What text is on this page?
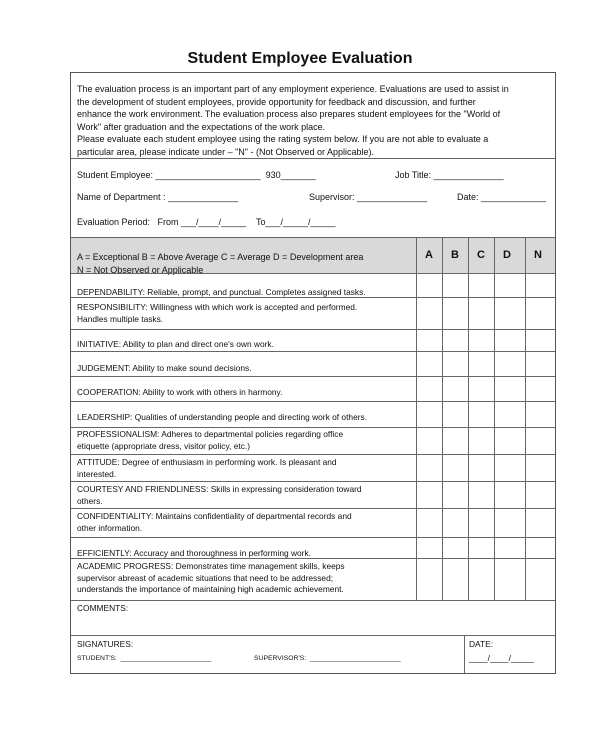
Student Employee Evaluation
The evaluation process is an important part of any employment experience. Evaluations are used to assist in
the development of student employees, provide opportunity for feedback and discussion, and further
enhance the work environment. The evaluation process also prepares student employees for the "World of
Work" after graduation and the expectations of the work place.
Please evaluate each student employee using the rating system below. If you are not able to evaluate a
particular area, please indicate under – "N" - (Not Observed or Applicable).
Student Employee: _____________________  930_______	Job Title: ______________
Name of Department : ______________	Supervisor: ______________	Date: _____________
Evaluation Period:   From ___/____/_____    To___/_____/_____
A = Exceptional B = Above Average C = Average D = Development area
N = Not Observed or Applicable
A	B	C	D	N
DEPENDABILITY: Reliable, prompt, and punctual. Completes assigned tasks.
RESPONSIBILITY: Willingness with which work is accepted and performed.
Handles multiple tasks.
INITIATIVE: Ability to plan and direct one's own work.
JUDGEMENT: Ability to make sound decisions.
COOPERATION: Ability to work with others in harmony.
LEADERSHIP: Qualities of understanding people and directing work of others.
PROFESSIONALISM: Adheres to departmental policies regarding office
etiquette (appropriate dress, visitor policy, etc.)
ATTITUDE: Degree of enthusiasm in performing work. Is pleasant and
interested.
COURTESY AND FRIENDLINESS: Skills in expressing consideration toward
others.
CONFIDENTIALITY: Maintains confidentiality of departmental records and
other information.
EFFICIENTLY: Accuracy and thoroughness in performing work.
ACADEMIC PROGRESS: Demonstrates time management skills, keeps
supervisor abreast of academic situations that need to be addressed;
understands the importance of maintaining high academic achievement.
COMMENTS:
SIGNATURES:
STUDENT'S:  ________________________	SUPERVISOR'S:  ________________________
DATE:
____/____/_____
